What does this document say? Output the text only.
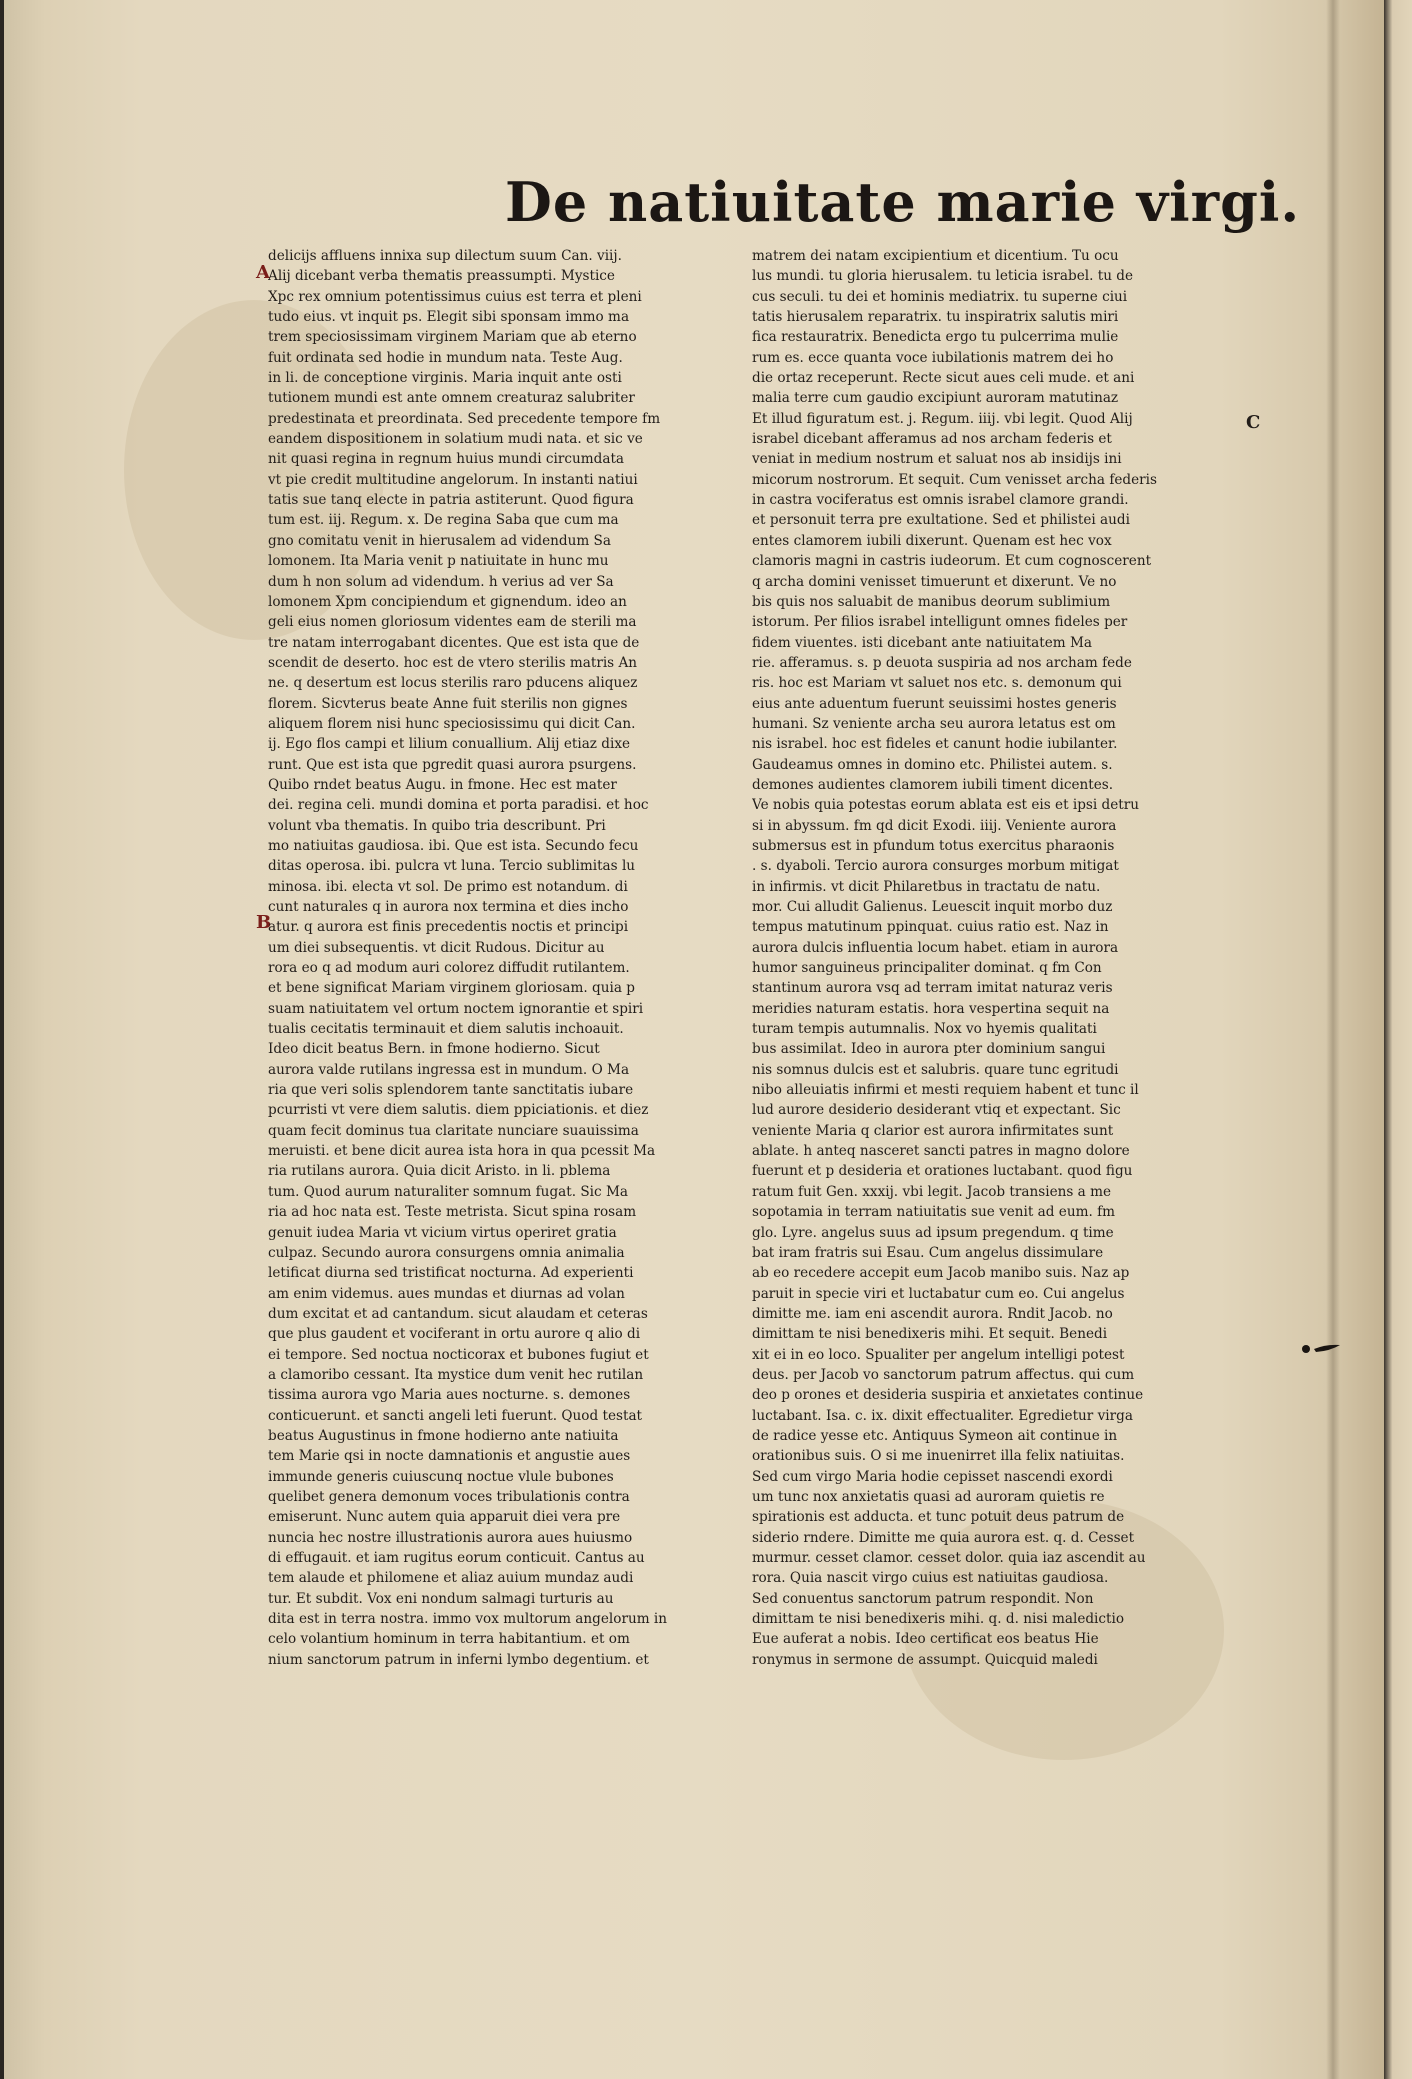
De natiuitate marie virgi.
A
B
C
delicijs affluens innixa sup dilectum suum Can. viij.
Alij dicebant verba thematis preassumpti. Mystice
Xpc rex omnium potentissimus cuius est terra et pleni
tudo eius. vt inquit ps. Elegit sibi sponsam immo ma
trem speciosissimam virginem Mariam que ab eterno
fuit ordinata sed hodie in mundum nata. Teste Aug.
in li. de conceptione virginis. Maria inquit ante osti
tutionem mundi est ante omnem creaturaz salubriter
predestinata et preordinata. Sed precedente tempore fm
eandem dispositionem in solatium mudi nata. et sic ve
nit quasi regina in regnum huius mundi circumdata
vt pie credit multitudine angelorum. In instanti natiui
tatis sue tanq electe in patria astiterunt. Quod figura
tum est. iij. Regum. x. De regina Saba que cum ma
gno comitatu venit in hierusalem ad videndum Sa
lomonem. Ita Maria venit p natiuitate in hunc mu
dum h non solum ad videndum. h verius ad ver Sa
lomonem Xpm concipiendum et gignendum. ideo an
geli eius nomen gloriosum videntes eam de sterili ma
tre natam interrogabant dicentes. Que est ista que de
scendit de deserto. hoc est de vtero sterilis matris An
ne. q desertum est locus sterilis raro pducens aliquez
florem. Sicvterus beate Anne fuit sterilis non gignes
aliquem florem nisi hunc speciosissimu qui dicit Can.
ij. Ego flos campi et lilium conuallium. Alij etiaz dixe
runt. Que est ista que pgredit quasi aurora psurgens.
Quibo rndet beatus Augu. in fmone. Hec est mater
dei. regina celi. mundi domina et porta paradisi. et hoc
volunt vba thematis. In quibo tria describunt. Pri
mo natiuitas gaudiosa. ibi. Que est ista. Secundo fecu
ditas operosa. ibi. pulcra vt luna. Tercio sublimitas lu
minosa. ibi. electa vt sol. De primo est notandum. di
cunt naturales q in aurora nox termina et dies incho
atur. q aurora est finis precedentis noctis et principi
um diei subsequentis. vt dicit Rudous. Dicitur au
rora eo q ad modum auri colorez diffudit rutilantem.
et bene significat Mariam virginem gloriosam. quia p
suam natiuitatem vel ortum noctem ignorantie et spiri
tualis cecitatis terminauit et diem salutis inchoauit.
Ideo dicit beatus Bern. in fmone hodierno. Sicut
aurora valde rutilans ingressa est in mundum. O Ma
ria que veri solis splendorem tante sanctitatis iubare
pcurristi vt vere diem salutis. diem ppiciationis. et diez
quam fecit dominus tua claritate nunciare suauissima
meruisti. et bene dicit aurea ista hora in qua pcessit Ma
ria rutilans aurora. Quia dicit Aristo. in li. pblema
tum. Quod aurum naturaliter somnum fugat. Sic Ma
ria ad hoc nata est. Teste metrista. Sicut spina rosam
genuit iudea Maria vt vicium virtus operiret gratia
culpaz. Secundo aurora consurgens omnia animalia
letificat diurna sed tristificat nocturna. Ad experienti
am enim videmus. aues mundas et diurnas ad volan
dum excitat et ad cantandum. sicut alaudam et ceteras
que plus gaudent et vociferant in ortu aurore q alio di
ei tempore. Sed noctua nocticorax et bubones fugiut et
a clamoribo cessant. Ita mystice dum venit hec rutilan
tissima aurora vgo Maria aues nocturne. s. demones
conticuerunt. et sancti angeli leti fuerunt. Quod testat
beatus Augustinus in fmone hodierno ante natiuita
tem Marie qsi in nocte damnationis et angustie aues
immunde generis cuiuscunq noctue vlule bubones
quelibet genera demonum voces tribulationis contra
emiserunt. Nunc autem quia apparuit diei vera pre
nuncia hec nostre illustrationis aurora aues huiusmo
di effugauit. et iam rugitus eorum conticuit. Cantus au
tem alaude et philomene et aliaz auium mundaz audi
tur. Et subdit. Vox eni nondum salmagi turturis au
dita est in terra nostra. immo vox multorum angelorum in
celo volantium hominum in terra habitantium. et om
nium sanctorum patrum in inferni lymbo degentium. et
matrem dei natam excipientium et dicentium. Tu ocu
lus mundi. tu gloria hierusalem. tu leticia israbel. tu de
cus seculi. tu dei et hominis mediatrix. tu superne ciui
tatis hierusalem reparatrix. tu inspiratrix salutis miri
fica restauratrix. Benedicta ergo tu pulcerrima mulie
rum es. ecce quanta voce iubilationis matrem dei ho
die ortaz receperunt. Recte sicut aues celi mude. et ani
malia terre cum gaudio excipiunt auroram matutinaz
Et illud figuratum est. j. Regum. iiij. vbi legit. Quod Alij
israbel dicebant afferamus ad nos archam federis et
veniat in medium nostrum et saluat nos ab insidijs ini
micorum nostrorum. Et sequit. Cum venisset archa federis
in castra vociferatus est omnis israbel clamore grandi.
et personuit terra pre exultatione. Sed et philistei audi
entes clamorem iubili dixerunt. Quenam est hec vox
clamoris magni in castris iudeorum. Et cum cognoscerent
q archa domini venisset timuerunt et dixerunt. Ve no
bis quis nos saluabit de manibus deorum sublimium
istorum. Per filios israbel intelligunt omnes fideles per
fidem viuentes. isti dicebant ante natiuitatem Ma
rie. afferamus. s. p deuota suspiria ad nos archam fede
ris. hoc est Mariam vt saluet nos etc. s. demonum qui
eius ante aduentum fuerunt seuissimi hostes generis
humani. Sz veniente archa seu aurora letatus est om
nis israbel. hoc est fideles et canunt hodie iubilanter.
Gaudeamus omnes in domino etc. Philistei autem. s.
demones audientes clamorem iubili timent dicentes.
Ve nobis quia potestas eorum ablata est eis et ipsi detru
si in abyssum. fm qd dicit Exodi. iiij. Veniente aurora
submersus est in pfundum totus exercitus pharaonis
. s. dyaboli. Tercio aurora consurges morbum mitigat
in infirmis. vt dicit Philaretbus in tractatu de natu.
mor. Cui alludit Galienus. Leuescit inquit morbo duz
tempus matutinum ppinquat. cuius ratio est. Naz in
aurora dulcis influentia locum habet. etiam in aurora
humor sanguineus principaliter dominat. q fm Con
stantinum aurora vsq ad terram imitat naturaz veris
meridies naturam estatis. hora vespertina sequit na
turam tempis autumnalis. Nox vo hyemis qualitati
bus assimilat. Ideo in aurora pter dominium sangui
nis somnus dulcis est et salubris. quare tunc egritudi
nibo alleuiatis infirmi et mesti requiem habent et tunc il
lud aurore desiderio desiderant vtiq et expectant. Sic
veniente Maria q clarior est aurora infirmitates sunt
ablate. h anteq nasceret sancti patres in magno dolore
fuerunt et p desideria et orationes luctabant. quod figu
ratum fuit Gen. xxxij. vbi legit. Jacob transiens a me
sopotamia in terram natiuitatis sue venit ad eum. fm
glo. Lyre. angelus suus ad ipsum pregendum. q time
bat iram fratris sui Esau. Cum angelus dissimulare
ab eo recedere accepit eum Jacob manibo suis. Naz ap
paruit in specie viri et luctabatur cum eo. Cui angelus
dimitte me. iam eni ascendit aurora. Rndit Jacob. no
dimittam te nisi benedixeris mihi. Et sequit. Benedi
xit ei in eo loco. Spualiter per angelum intelligi potest
deus. per Jacob vo sanctorum patrum affectus. qui cum
deo p orones et desideria suspiria et anxietates continue
luctabant. Isa. c. ix. dixit effectualiter. Egredietur virga
de radice yesse etc. Antiquus Symeon ait continue in
orationibus suis. O si me inuenirret illa felix natiuitas.
Sed cum virgo Maria hodie cepisset nascendi exordi
um tunc nox anxietatis quasi ad auroram quietis re
spirationis est adducta. et tunc potuit deus patrum de
siderio rndere. Dimitte me quia aurora est. q. d. Cesset
murmur. cesset clamor. cesset dolor. quia iaz ascendit au
rora. Quia nascit virgo cuius est natiuitas gaudiosa.
Sed conuentus sanctorum patrum respondit. Non
dimittam te nisi benedixeris mihi. q. d. nisi maledictio
Eue auferat a nobis. Ideo certificat eos beatus Hie
ronymus in sermone de assumpt. Quicquid maledi
